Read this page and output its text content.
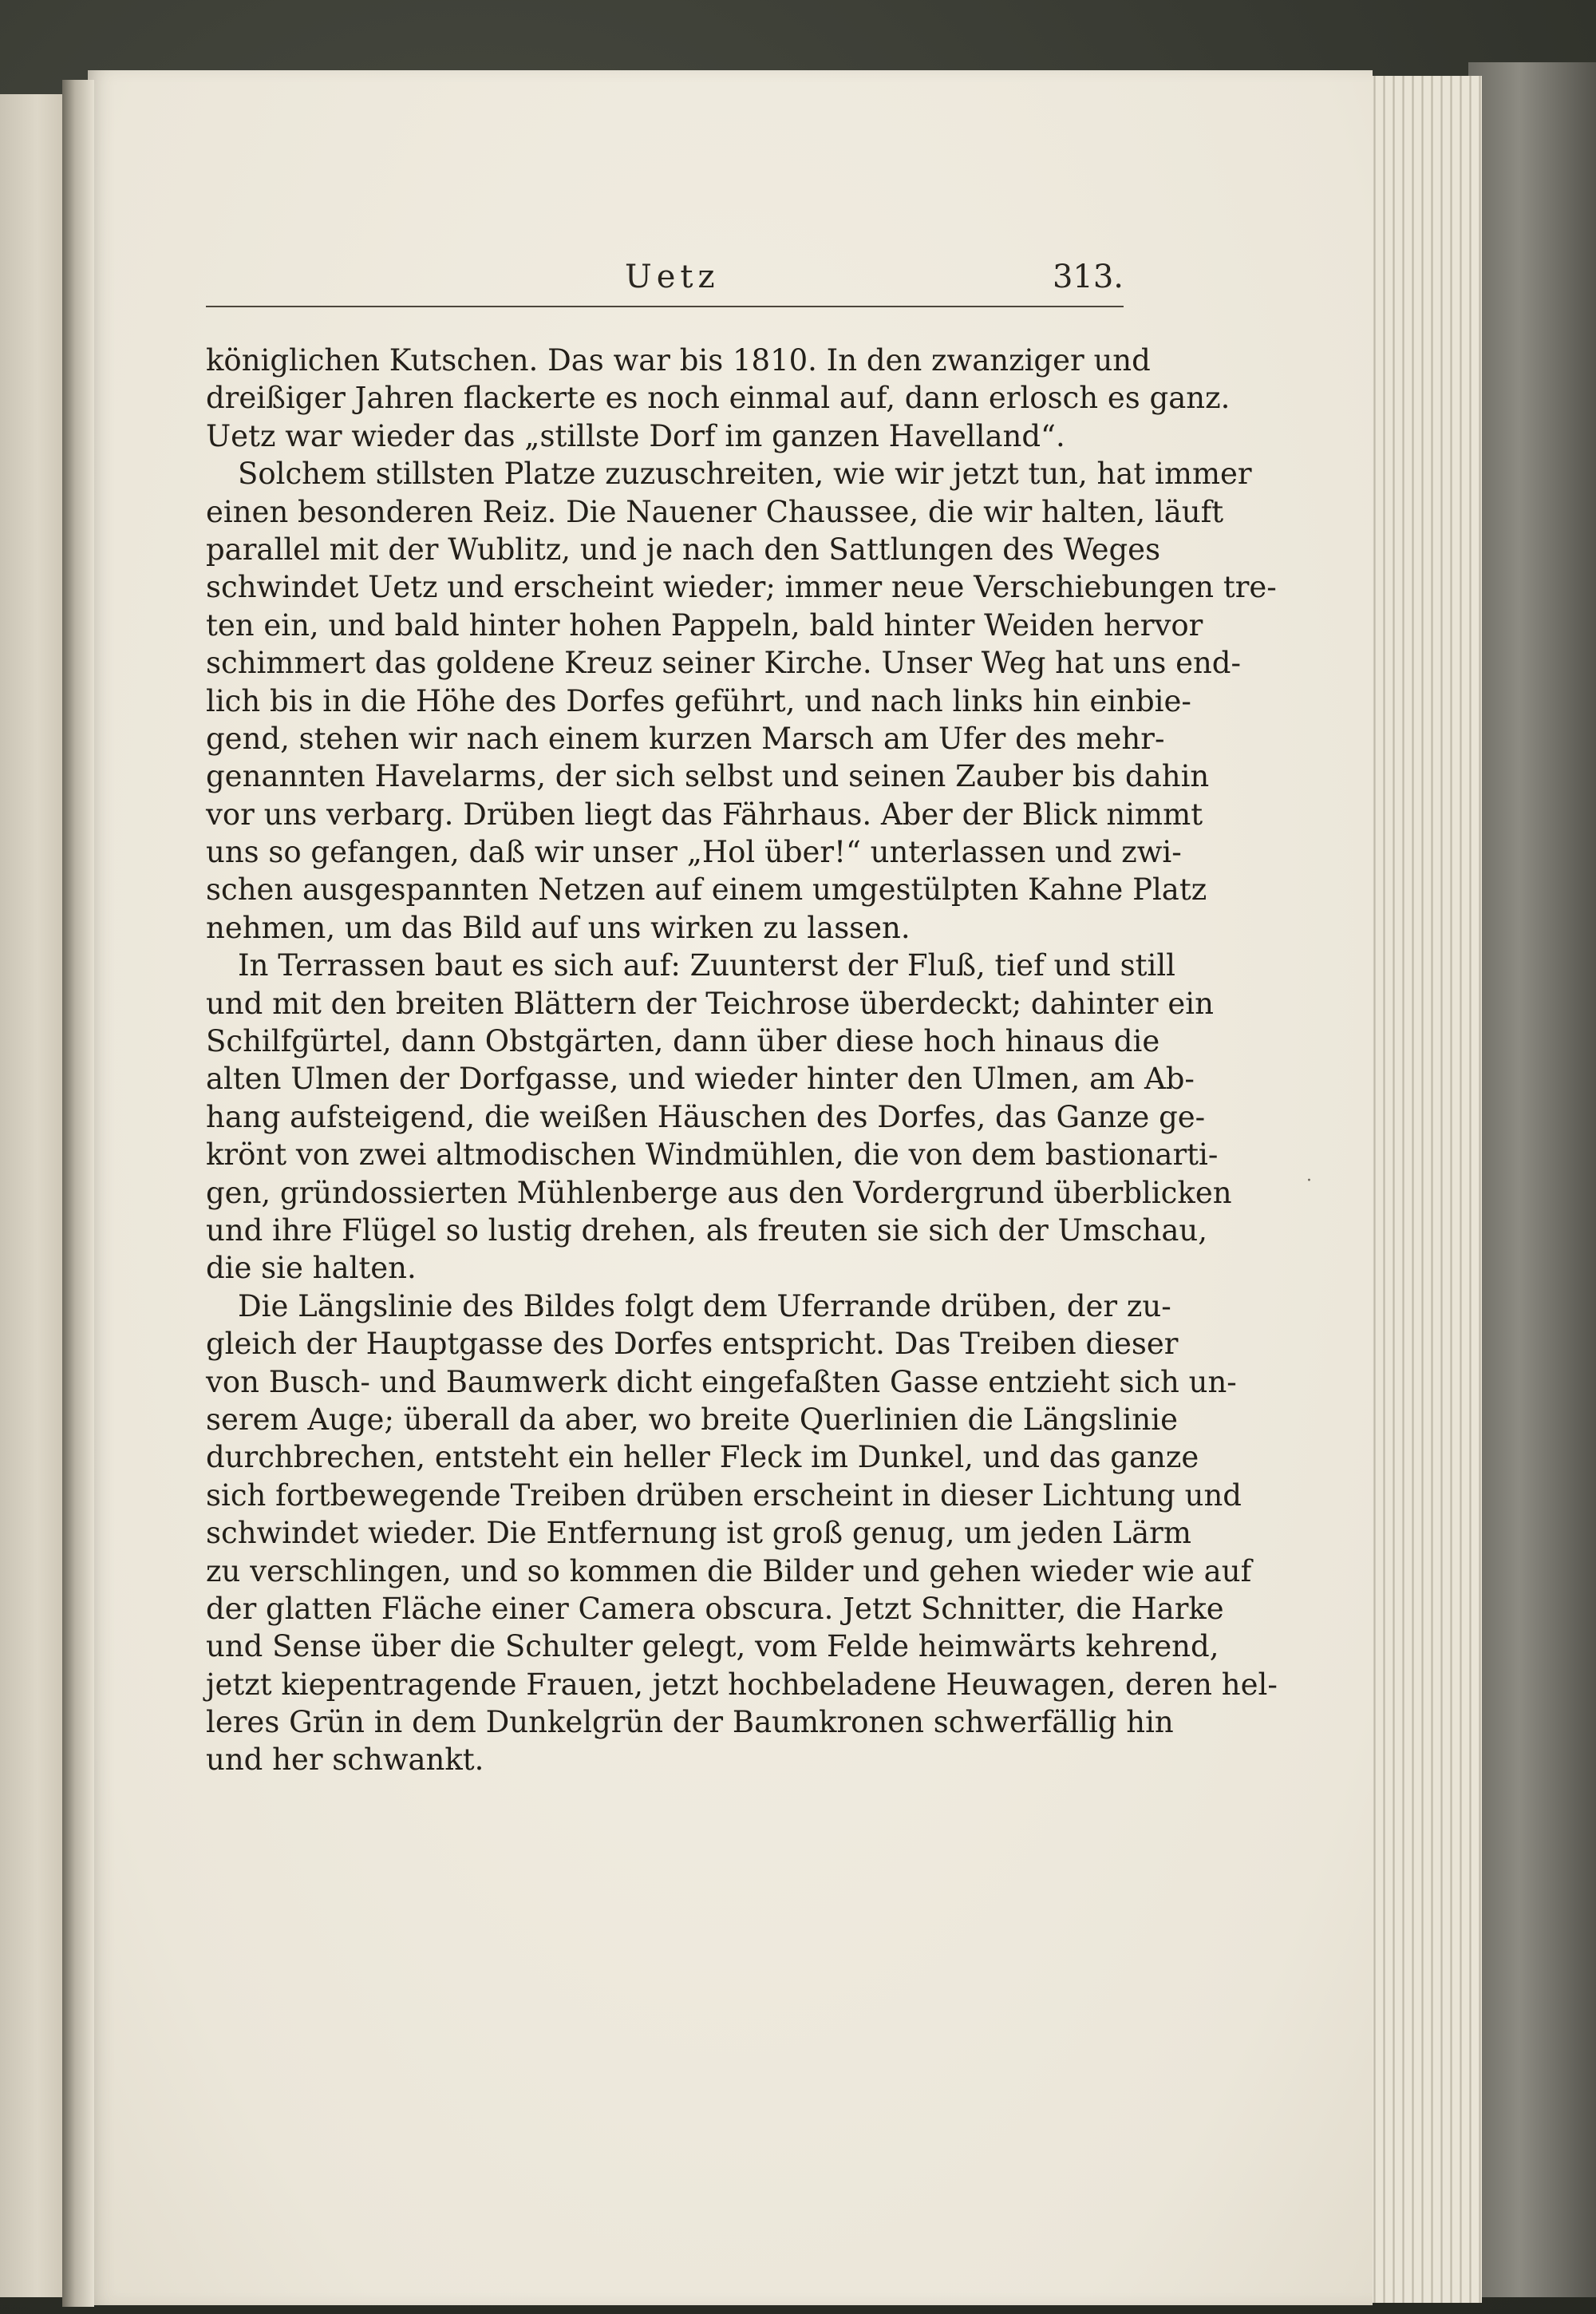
Uetz	313.
königlichen Kutschen. Das war bis 1810. In den zwanziger und
dreißiger Jahren flackerte es noch einmal auf, dann erlosch es ganz.
Uetz war wieder das „stillste Dorf im ganzen Havelland“.
Solchem stillsten Platze zuzuschreiten, wie wir jetzt tun, hat immer
einen besonderen Reiz. Die Nauener Chaussee, die wir halten, läuft
parallel mit der Wublitz, und je nach den Sattlungen des Weges
schwindet Uetz und erscheint wieder; immer neue Verschiebungen tre-
ten ein, und bald hinter hohen Pappeln, bald hinter Weiden hervor
schimmert das goldene Kreuz seiner Kirche. Unser Weg hat uns end-
lich bis in die Höhe des Dorfes geführt, und nach links hin einbie-
gend, stehen wir nach einem kurzen Marsch am Ufer des mehr-
genannten Havelarms, der sich selbst und seinen Zauber bis dahin
vor uns verbarg. Drüben liegt das Fährhaus. Aber der Blick nimmt
uns so gefangen, daß wir unser „Hol über!“ unterlassen und zwi-
schen ausgespannten Netzen auf einem umgestülpten Kahne Platz
nehmen, um das Bild auf uns wirken zu lassen.
In Terrassen baut es sich auf: Zuunterst der Fluß, tief und still
und mit den breiten Blättern der Teichrose überdeckt; dahinter ein
Schilfgürtel, dann Obstgärten, dann über diese hoch hinaus die
alten Ulmen der Dorfgasse, und wieder hinter den Ulmen, am Ab-
hang aufsteigend, die weißen Häuschen des Dorfes, das Ganze ge-
krönt von zwei altmodischen Windmühlen, die von dem bastionarti-
gen, gründossierten Mühlenberge aus den Vordergrund überblicken
und ihre Flügel so lustig drehen, als freuten sie sich der Umschau,
die sie halten.
Die Längslinie des Bildes folgt dem Uferrande drüben, der zu-
gleich der Hauptgasse des Dorfes entspricht. Das Treiben dieser
von Busch- und Baumwerk dicht eingefaßten Gasse entzieht sich un-
serem Auge; überall da aber, wo breite Querlinien die Längslinie
durchbrechen, entsteht ein heller Fleck im Dunkel, und das ganze
sich fortbewegende Treiben drüben erscheint in dieser Lichtung und
schwindet wieder. Die Entfernung ist groß genug, um jeden Lärm
zu verschlingen, und so kommen die Bilder und gehen wieder wie auf
der glatten Fläche einer Camera obscura. Jetzt Schnitter, die Harke
und Sense über die Schulter gelegt, vom Felde heimwärts kehrend,
jetzt kiepentragende Frauen, jetzt hochbeladene Heuwagen, deren hel-
leres Grün in dem Dunkelgrün der Baumkronen schwerfällig hin
und her schwankt.
·
